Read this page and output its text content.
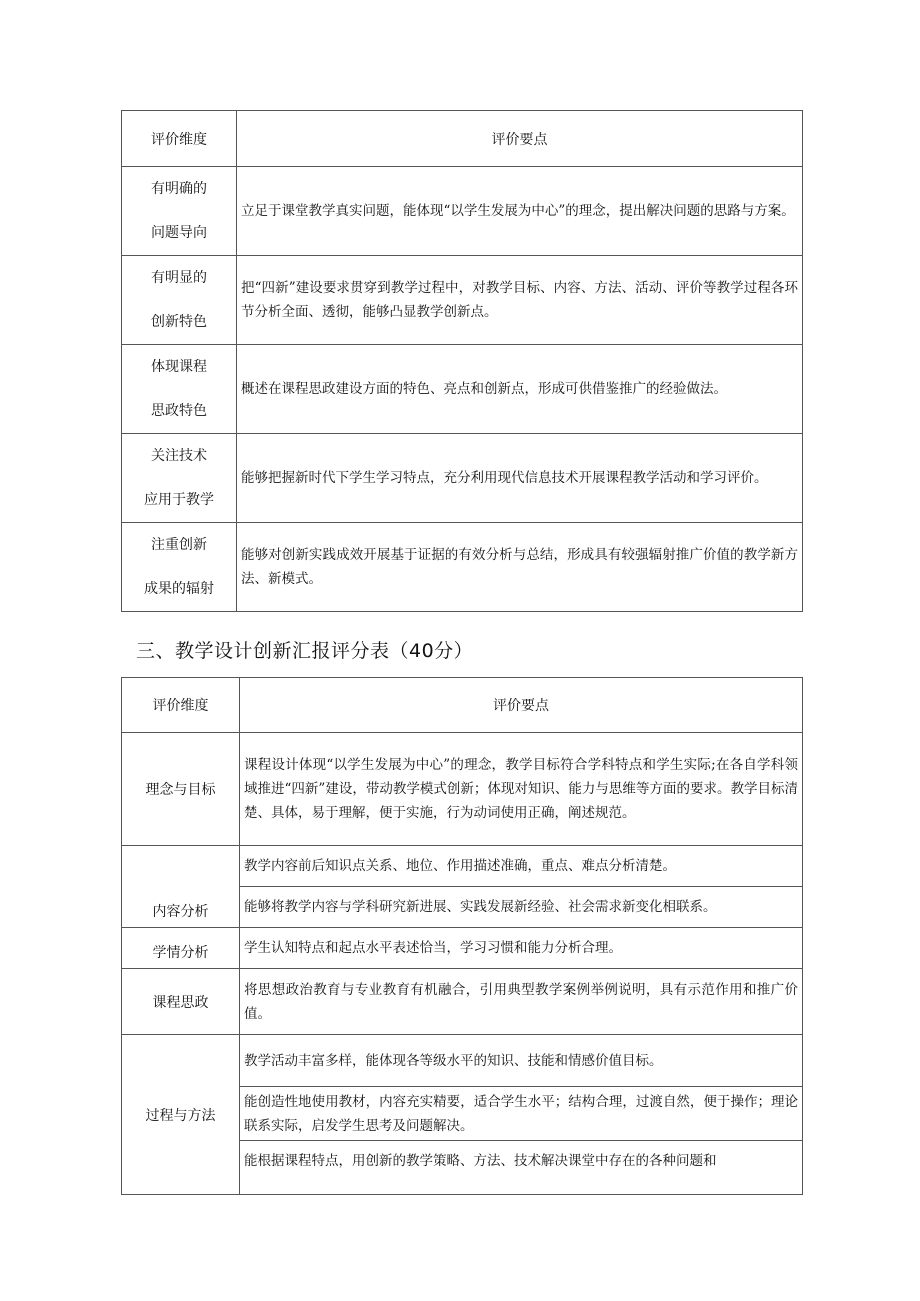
评价维度	评价要点

有明确的
问题导向	立足于课堂教学真实问题，能体现“以学生发展为中心”的理念，提出解决问题的思路与方案。

有明显的
创新特色	把“四新”建设要求贯穿到教学过程中，对教学目标、内容、方法、活动、评价等教学过程各环节分析全面、透彻，能够凸显教学创新点。

体现课程
思政特色	概述在课程思政建设方面的特色、亮点和创新点，形成可供借鉴推广的经验做法。

关注技术
应用于教学	能够把握新时代下学生学习特点，充分利用现代信息技术开展课程教学活动和学习评价。

注重创新
成果的辐射	能够对创新实践成效开展基于证据的有效分析与总结，形成具有较强辐射推广价值的教学新方法、新模式。
三、教学设计创新汇报评分表（40分）
评价维度	评价要点
理念与目标	课程设计体现“以学生发展为中心”的理念，教学目标符合学科特点和学生实际;在各自学科领域推进“四新”建设，带动教学模式创新；体现对知识、能力与思维等方面的要求。教学目标清楚、具体，易于理解，便于实施，行为动词使用正确，阐述规范。
内容分析	教学内容前后知识点关系、地位、作用描述准确，重点、难点分析清楚。
	能够将教学内容与学科研究新进展、实践发展新经验、社会需求新变化相联系。
学情分析	学生认知特点和起点水平表述恰当，学习习惯和能力分析合理。
课程思政	将思想政治教育与专业教育有机融合，引用典型教学案例举例说明，具有示范作用和推广价值。
过程与方法	教学活动丰富多样，能体现各等级水平的知识、技能和情感价值目标。
	能创造性地使用教材，内容充实精要，适合学生水平；结构合理，过渡自然，便于操作；理论联系实际，启发学生思考及问题解决。
	能根据课程特点，用创新的教学策略、方法、技术解决课堂中存在的各种问题和
